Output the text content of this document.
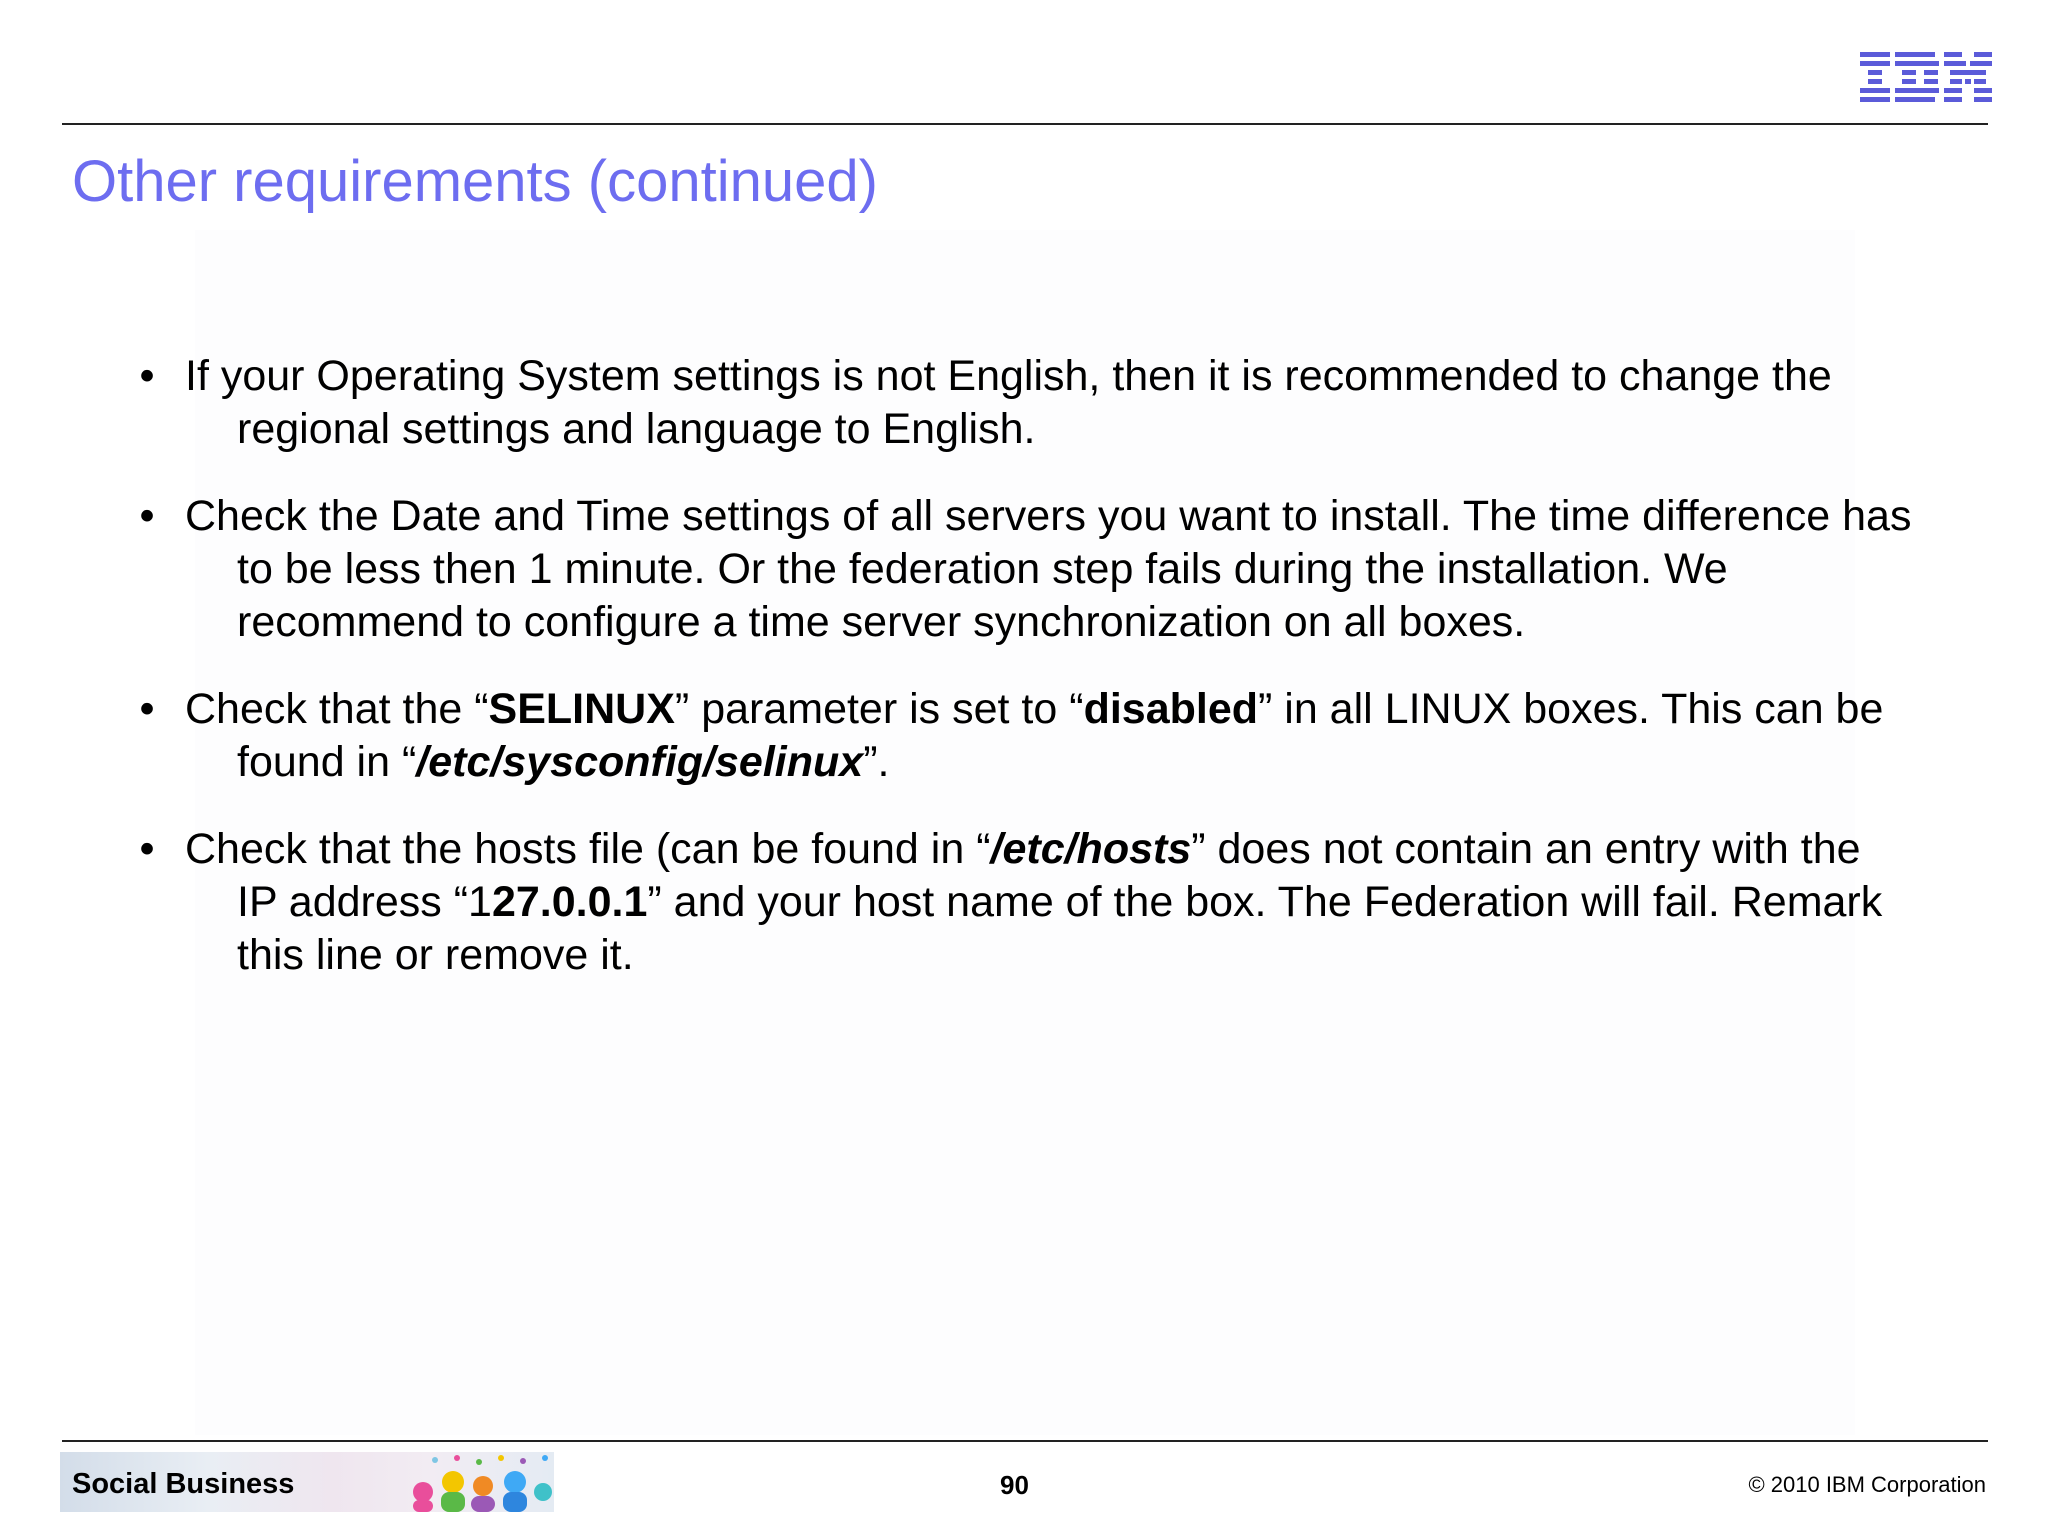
Other requirements (continued)
• If your Operating System settings is not English, then it is recommended to change the regional settings and language to English.
• Check the Date and Time settings of all servers you want to install. The time difference has to be less then 1 minute. Or the federation step fails during the installation. We recommend to configure a time server synchronization on all boxes.
• Check that the “SELINUX” parameter is set to “disabled” in all LINUX boxes. This can be found in “/etc/sysconfig/selinux”.
• Check that the hosts file (can be found in “/etc/hosts” does not contain an entry with the IP address “127.0.0.1” and your host name of the box. The Federation will fail. Remark this line or remove it.
Social Business	90	© 2010 IBM Corporation
